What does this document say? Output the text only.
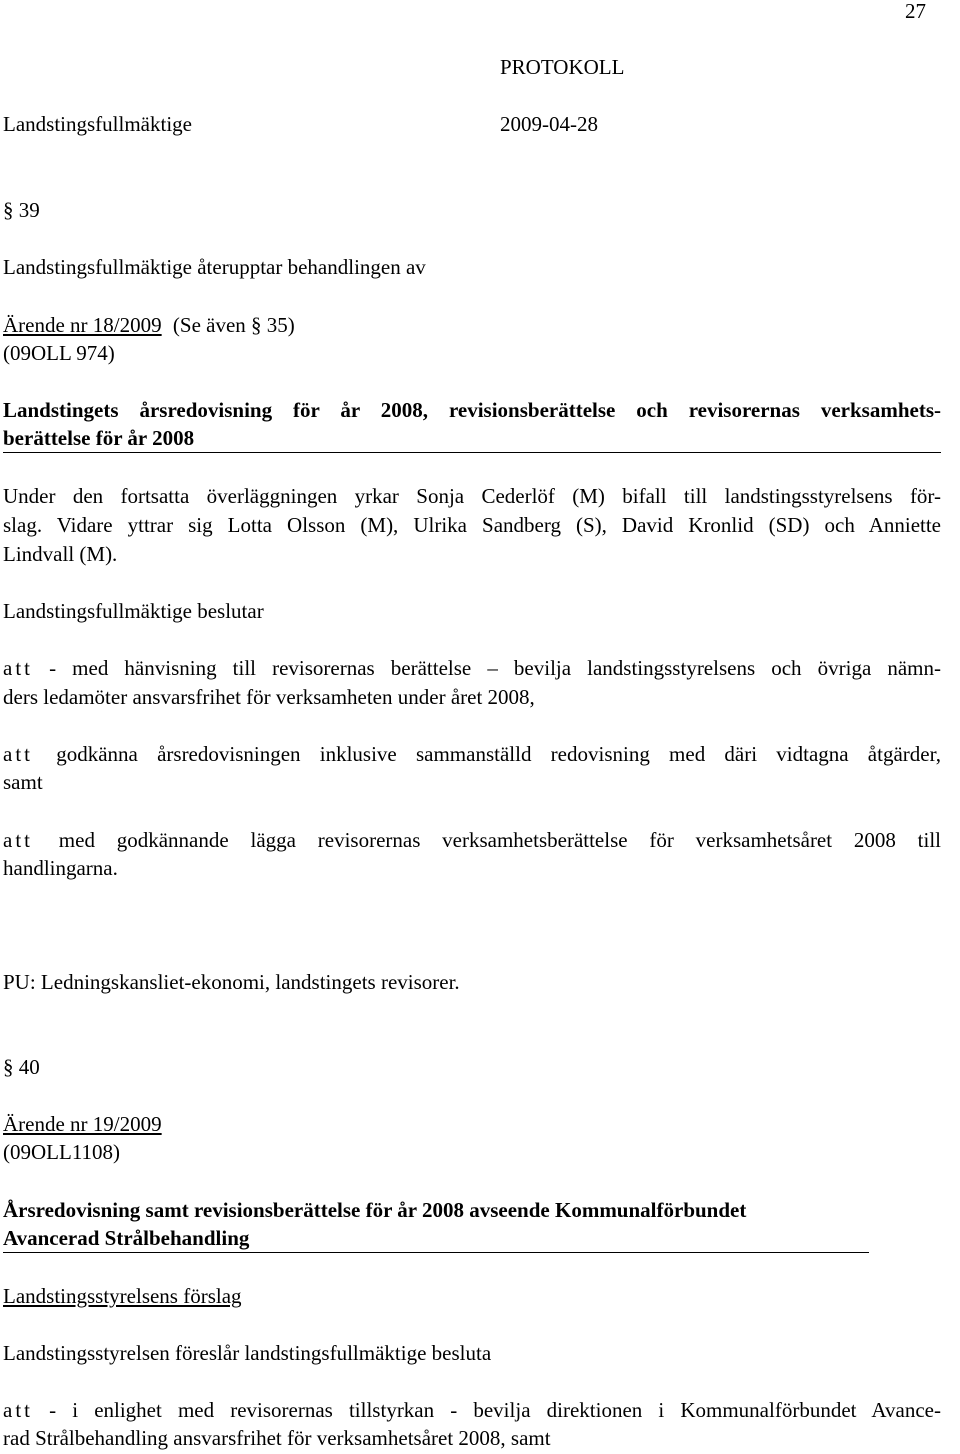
27
PROTOKOLL
Landstingsfullmäktige	2009-04-28
§ 39
Landstingsfullmäktige återupptar behandlingen av
Ärende nr 18/2009 (Se även § 35)
(09OLL 974)
Landstingets årsredovisning för år 2008, revisionsberättelse och revisorernas verksamhets-
berättelse för år 2008
Under den fortsatta överläggningen yrkar Sonja Cederlöf (M) bifall till landstingsstyrelsens för-
slag. Vidare yttrar sig Lotta Olsson (M), Ulrika Sandberg (S), David Kronlid (SD) och Anniette
Lindvall (M).
Landstingsfullmäktige beslutar
att - med hänvisning till revisorernas berättelse – bevilja landstingsstyrelsens och övriga nämn-
ders ledamöter ansvarsfrihet för verksamheten under året 2008,
att godkänna årsredovisningen inklusive sammanställd redovisning med däri vidtagna åtgärder,
samt
att med godkännande lägga revisorernas verksamhetsberättelse för verksamhetsåret 2008 till
handlingarna.
PU: Ledningskansliet-ekonomi, landstingets revisorer.
§ 40
Ärende nr 19/2009
(09OLL1108)
Årsredovisning samt revisionsberättelse för år 2008 avseende Kommunalförbundet
Avancerad Strålbehandling
Landstingsstyrelsens förslag
Landstingsstyrelsen föreslår landstingsfullmäktige besluta
att - i enlighet med revisorernas tillstyrkan - bevilja direktionen i Kommunalförbundet Avance-
rad Strålbehandling ansvarsfrihet för verksamhetsåret 2008, samt
